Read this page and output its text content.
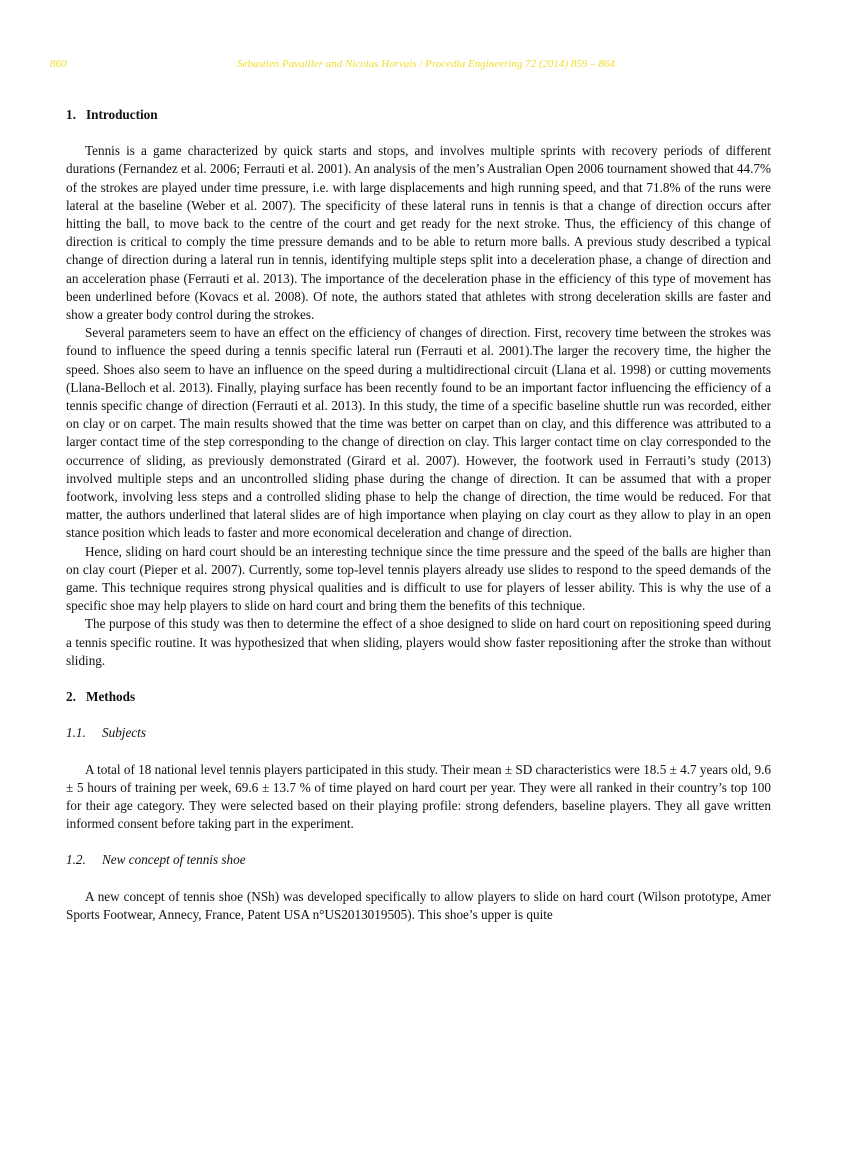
860	Sebastien Pavailler and Nicolas Horvais / Procedia Engineering 72 (2014) 859 – 864
1. Introduction

Tennis is a game characterized by quick starts and stops, and involves multiple sprints with recovery periods of different durations (Fernandez et al. 2006; Ferrauti et al. 2001). An analysis of the men’s Australian Open 2006 tournament showed that 44.7% of the strokes are played under time pressure, i.e. with large displacements and high running speed, and that 71.8% of the runs were lateral at the baseline (Weber et al. 2007). The specificity of these lateral runs in tennis is that a change of direction occurs after hitting the ball, to move back to the centre of the court and get ready for the next stroke. Thus, the efficiency of this change of direction is critical to comply the time pressure demands and to be able to return more balls. A previous study described a typical change of direction during a lateral run in tennis, identifying multiple steps split into a deceleration phase, a change of direction and an acceleration phase (Ferrauti et al. 2013). The importance of the deceleration phase in the efficiency of this type of movement has been underlined before (Kovacs et al. 2008). Of note, the authors stated that athletes with strong deceleration skills are faster and show a greater body control during the strokes.

Several parameters seem to have an effect on the efficiency of changes of direction. First, recovery time between the strokes was found to influence the speed during a tennis specific lateral run (Ferrauti et al. 2001).The larger the recovery time, the higher the speed. Shoes also seem to have an influence on the speed during a multidirectional circuit (Llana et al. 1998) or cutting movements (Llana-Belloch et al. 2013). Finally, playing surface has been recently found to be an important factor influencing the efficiency of a tennis specific change of direction (Ferrauti et al. 2013). In this study, the time of a specific baseline shuttle run was recorded, either on clay or on carpet. The main results showed that the time was better on carpet than on clay, and this difference was attributed to a larger contact time of the step corresponding to the change of direction on clay. This larger contact time on clay corresponded to the occurrence of sliding, as previously demonstrated (Girard et al. 2007). However, the footwork used in Ferrauti’s study (2013) involved multiple steps and an uncontrolled sliding phase during the change of direction. It can be assumed that with a proper footwork, involving less steps and a controlled sliding phase to help the change of direction, the time would be reduced. For that matter, the authors underlined that lateral slides are of high importance when playing on clay court as they allow to play in an open stance position which leads to faster and more economical deceleration and change of direction.

Hence, sliding on hard court should be an interesting technique since the time pressure and the speed of the balls are higher than on clay court (Pieper et al. 2007). Currently, some top-level tennis players already use slides to respond to the speed demands of the game. This technique requires strong physical qualities and is difficult to use for players of lesser ability. This is why the use of a specific shoe may help players to slide on hard court and bring them the benefits of this technique.

The purpose of this study was then to determine the effect of a shoe designed to slide on hard court on repositioning speed during a tennis specific routine. It was hypothesized that when sliding, players would show faster repositioning after the stroke than without sliding.

2. Methods
1.1. Subjects

A total of 18 national level tennis players participated in this study. Their mean ± SD characteristics were 18.5 ± 4.7 years old, 9.6 ± 5 hours of training per week, 69.6 ± 13.7 % of time played on hard court per year. They were all ranked in their country’s top 100 for their age category. They were selected based on their playing profile: strong defenders, baseline players. They all gave written informed consent before taking part in the experiment.

1.2. New concept of tennis shoe

A new concept of tennis shoe (NSh) was developed specifically to allow players to slide on hard court (Wilson prototype, Amer Sports Footwear, Annecy, France, Patent USA n°US2013019505). This shoe’s upper is quite
